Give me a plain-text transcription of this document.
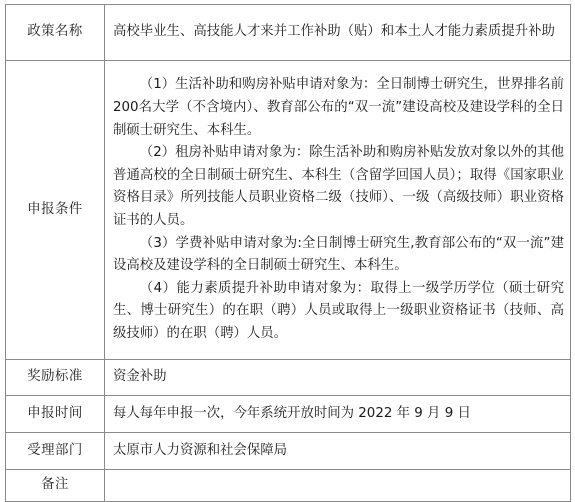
政策名称	高校毕业生、高技能人才来并工作补助（贴）和本土人才能力素质提升补助
申报条件	（1）生活补助和购房补贴申请对象为：全日制博士研究生，世界排名前200名大学（不含境内）、教育部公布的“双一流”建设高校及建设学科的全日制硕士研究生、本科生。

（2）租房补贴申请对象为：除生活补助和购房补贴发放对象以外的其他普通高校的全日制硕士研究生、本科生（含留学回国人员）；取得《国家职业资格目录》所列技能人员职业资格二级（技师）、一级（高级技师）职业资格证书的人员。

（3）学费补贴申请对象为:全日制博士研究生,教育部公布的“双一流”建设高校及建设学科的全日制硕士研究生、本科生。

（4）能力素质提升补助申请对象为：取得上一级学历学位（硕士研究生、博士研究生）的在职（聘）人员或取得上一级职业资格证书（技师、高级技师）的在职（聘）人员。

奖励标准	资金补助
申报时间	每人每年申报一次，今年系统开放时间为 2022 年 9 月 9 日
受理部门	太原市人力资源和社会保障局
备注	
